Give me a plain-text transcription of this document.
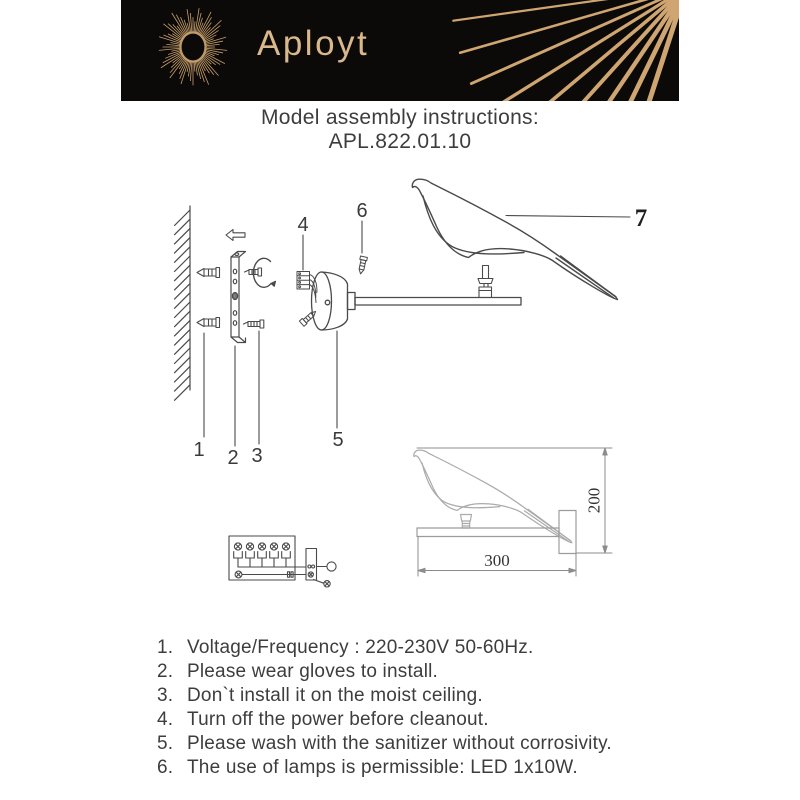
Aployt
Model assembly instructions:
APL.822.01.10
1 2 3
4
5
6	7
300
200
1. Voltage/Frequency : 220-230V 50-60Hz.
2. Please wear gloves to install.
3. Don`t install it on the moist ceiling.
4. Turn off the power before cleanout.
5. Please wash with the sanitizer without corrosivity.
6. The use of lamps is permissible: LED 1x10W.
